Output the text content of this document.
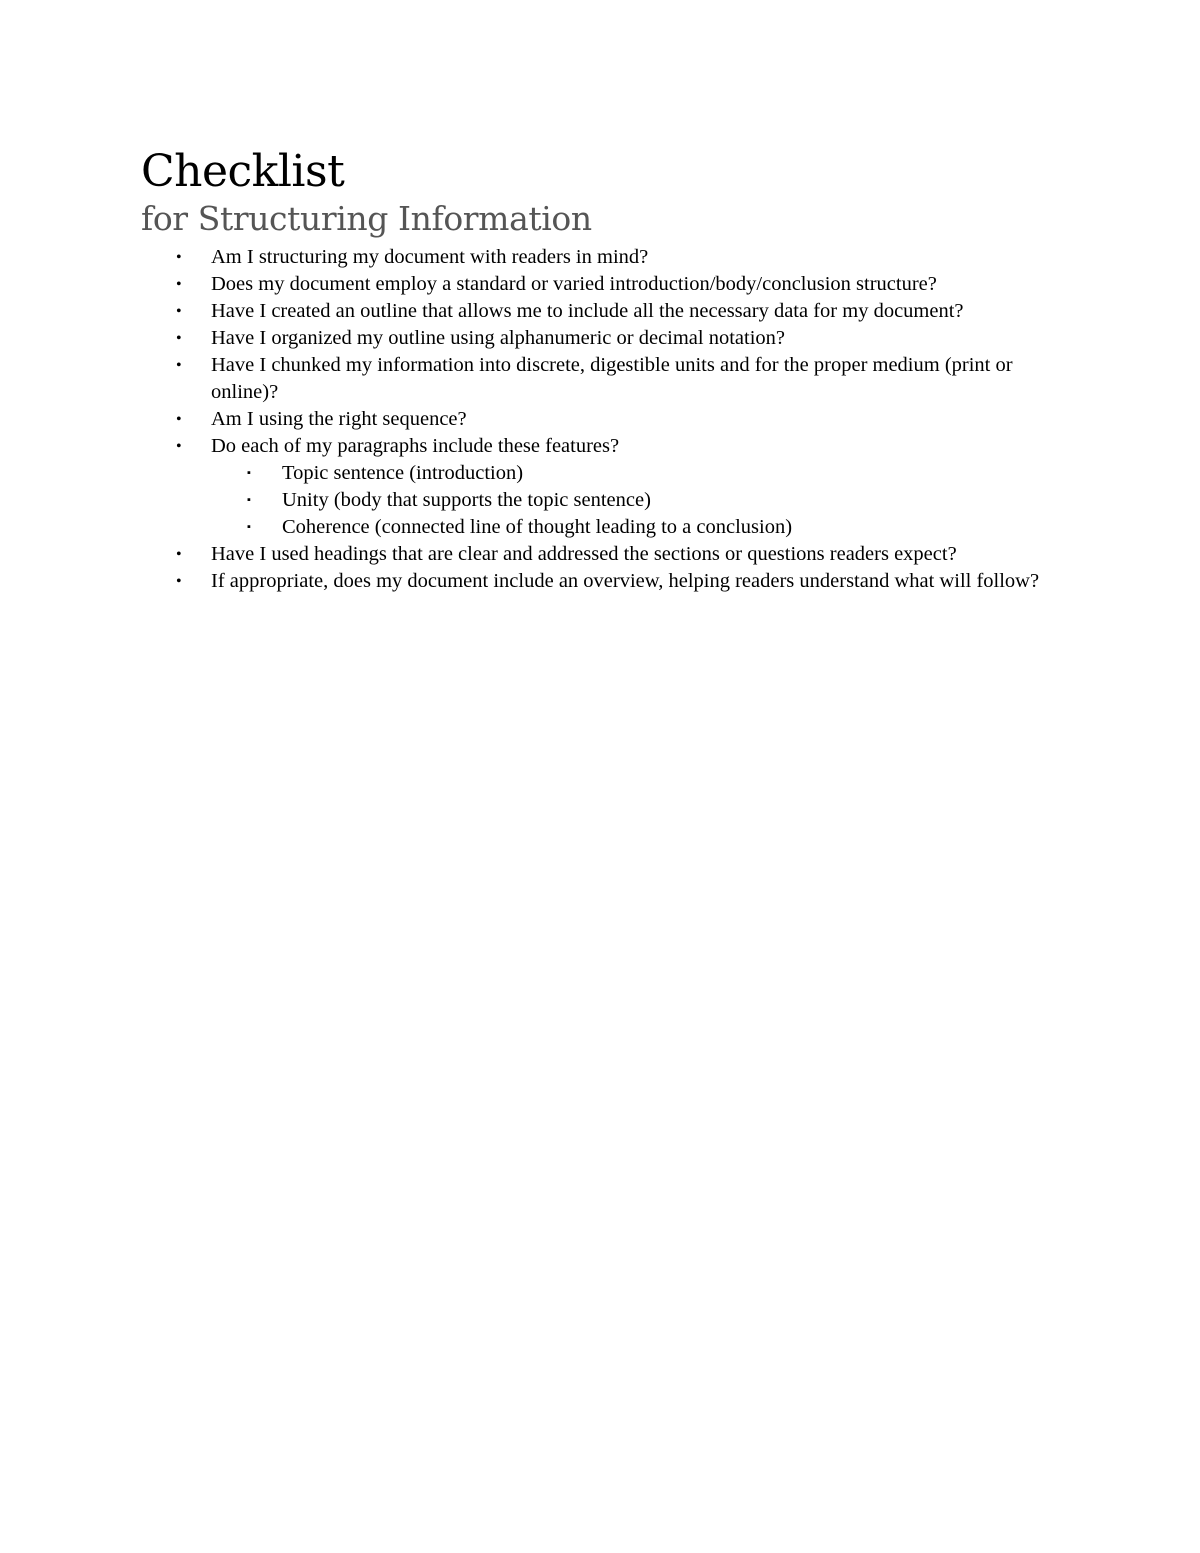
Checklist
for Structuring Information
• Am I structuring my document with readers in mind?
• Does my document employ a standard or varied introduction/body/conclusion structure?
• Have I created an outline that allows me to include all the necessary data for my document?
• Have I organized my outline using alphanumeric or decimal notation?
• Have I chunked my information into discrete, digestible units and for the proper medium (print or online)?
• Am I using the right sequence?
• Do each of my paragraphs include these features?
▪ Topic sentence (introduction)
▪ Unity (body that supports the topic sentence)
▪ Coherence (connected line of thought leading to a conclusion)
• Have I used headings that are clear and addressed the sections or questions readers expect?
• If appropriate, does my document include an overview, helping readers understand what will follow?
